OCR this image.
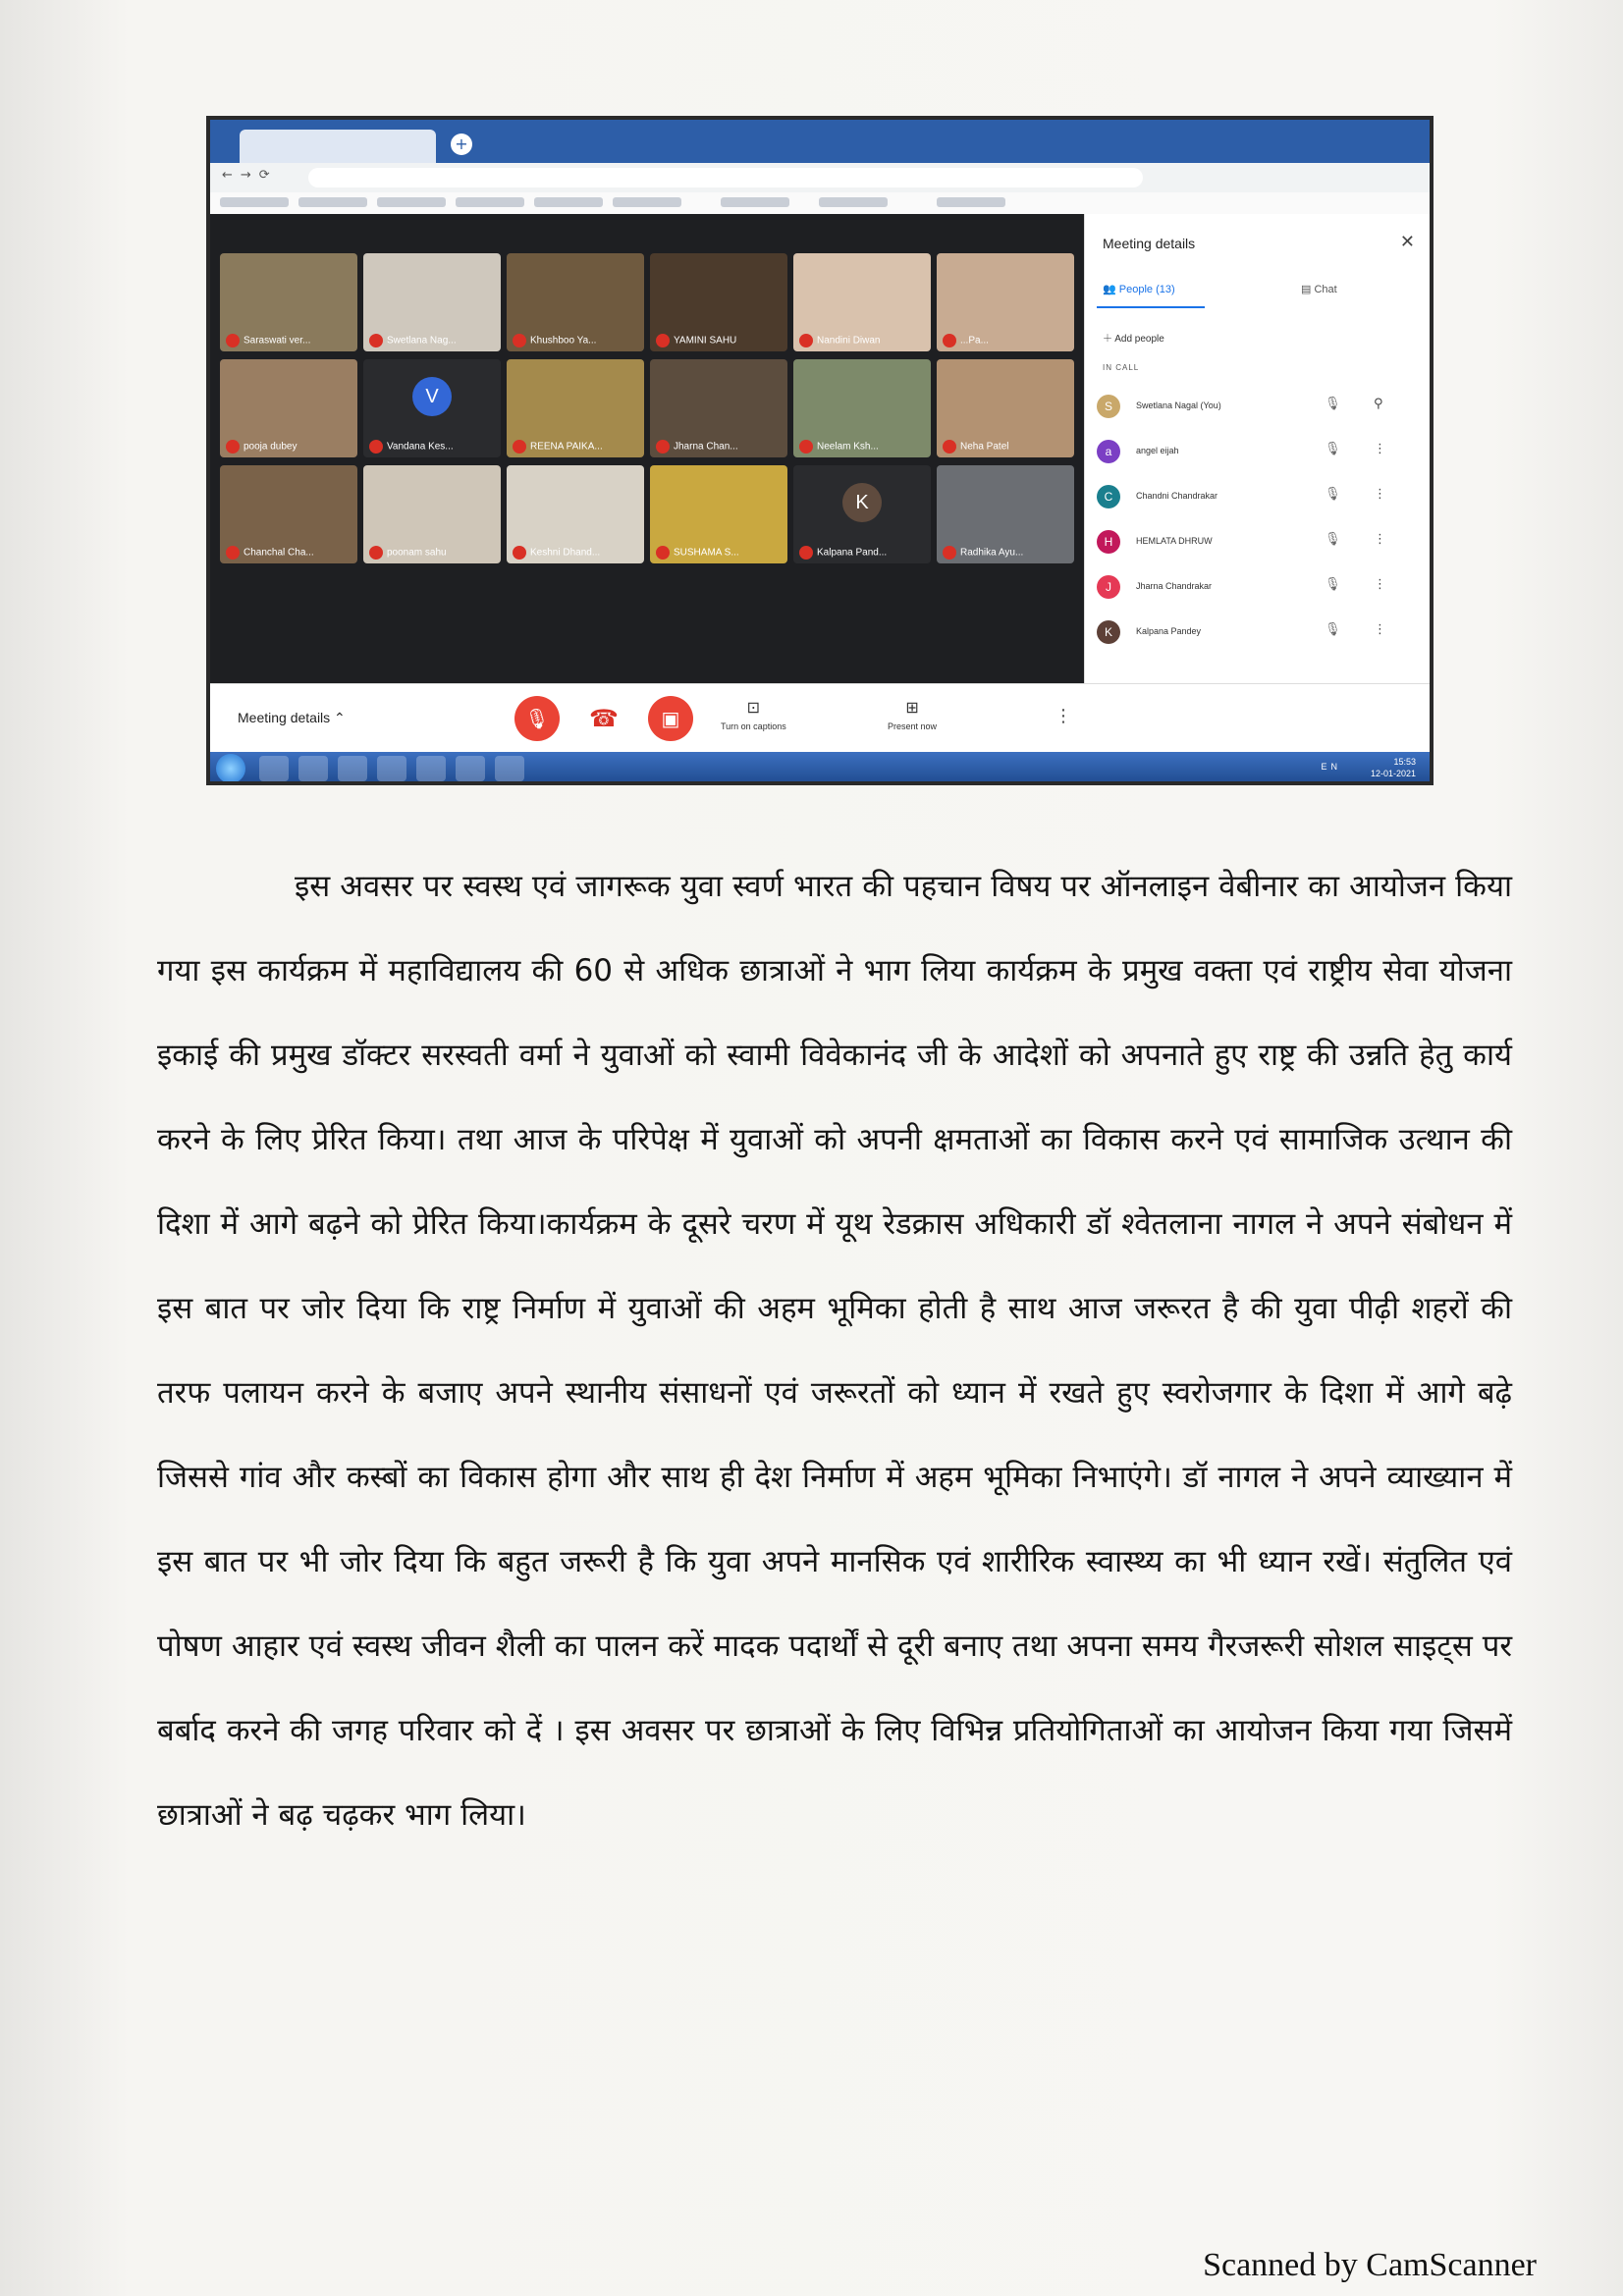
+
←→⟳
Saraswati ver...	Swetlana Nag...	Khushboo Ya...	YAMINI SAHU	Nandini Diwan	...Pa...
pooja dubey
V
Vandana Kes...	REENA PAIKA...	Jharna Chan...	Neelam Ksh...	Neha Patel
Chanchal Cha...	poonam sahu	Keshni Dhand...	SUSHAMA S...
K
Kalpana Pand...	Radhika Ayu...
Meeting details	✕
👥 People (13)	▤ Chat
＋ Add people
IN CALL
S	Swetlana Nagal (You)	🎙	⚲
a	angel eijah	🎙	⋮
C	Chandni Chandrakar	🎙	⋮
H	HEMLATA DHRUW	🎙	⋮
J	Jharna Chandrakar	🎙	⋮
K	Kalpana Pandey	🎙	⋮
Meeting details ⌃	🎙	☎	▣	⊡
Turn on captions
⊞
Present now	⋮
EN	15:53
12-01-2021

इस अवसर पर स्वस्थ एवं जागरूक युवा स्वर्ण भारत की पहचान विषय पर ऑनलाइन वेबीनार का आयोजन किया गया इस कार्यक्रम में महाविद्यालय की 60 से अधिक छात्राओं ने भाग लिया कार्यक्रम के प्रमुख वक्ता एवं राष्ट्रीय सेवा योजना इकाई की प्रमुख डॉक्टर सरस्वती वर्मा ने युवाओं को स्वामी विवेकानंद जी के आदेशों को अपनाते हुए राष्ट्र की उन्नति हेतु कार्य करने के लिए प्रेरित किया। तथा आज के परिपेक्ष में युवाओं को अपनी क्षमताओं का विकास करने एवं सामाजिक उत्थान की दिशा में आगे बढ़ने को प्रेरित किया।कार्यक्रम के दूसरे चरण में यूथ रेडक्रास अधिकारी डॉ श्वेतलाना नागल ने अपने संबोधन में इस बात पर जोर दिया कि राष्ट्र निर्माण में युवाओं की अहम भूमिका होती है साथ आज जरूरत है की युवा पीढ़ी शहरों की तरफ पलायन करने के बजाए अपने स्थानीय संसाधनों एवं जरूरतों को ध्यान में रखते हुए स्वरोजगार के दिशा में आगे बढ़े जिससे गांव और कस्बों का विकास होगा और साथ ही देश निर्माण में अहम भूमिका निभाएंगे। डॉ नागल ने अपने व्याख्यान में इस बात पर भी जोर दिया कि बहुत जरूरी है कि युवा अपने मानसिक एवं शारीरिक स्वास्थ्य का भी ध्यान रखें। संतुलित एवं पोषण आहार एवं स्वस्थ जीवन शैली का पालन करें मादक पदार्थों से दूरी बनाए तथा अपना समय गैरजरूरी सोशल साइट्स पर बर्बाद करने की जगह परिवार को दें । इस अवसर पर छात्राओं के लिए विभिन्न प्रतियोगिताओं का आयोजन किया गया जिसमें छात्राओं ने बढ़ चढ़कर भाग लिया।

Scanned by CamScanner
